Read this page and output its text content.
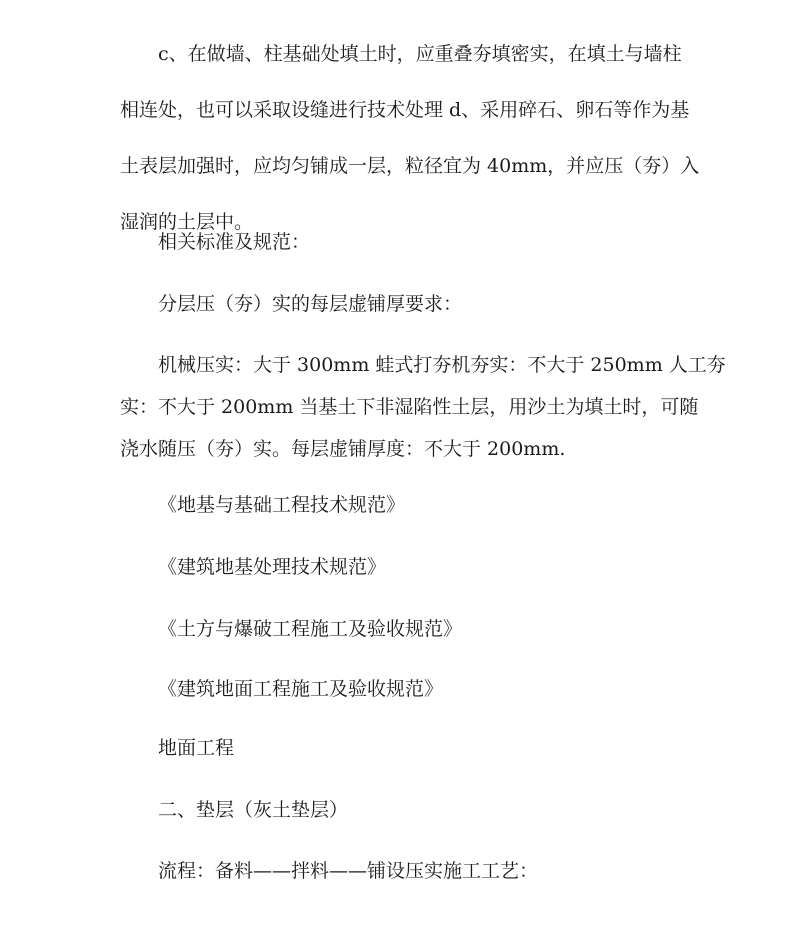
c、在做墙、柱基础处填土时，应重叠夯填密实，在填土与墙柱
相连处，也可以采取设缝进行技术处理 d、采用碎石、卵石等作为基
土表层加强时，应均匀铺成一层，粒径宜为 40mm，并应压（夯）入
湿润的土层中。

相关标准及规范：

分层压（夯）实的每层虚铺厚要求：

机械压实：大于 300mm 蛙式打夯机夯实：不大于 250mm 人工夯
实：不大于 200mm 当基土下非湿陷性土层，用沙土为填土时，可随
浇水随压（夯）实。每层虚铺厚度：不大于 200mm.

《地基与基础工程技术规范》

《建筑地基处理技术规范》

《土方与爆破工程施工及验收规范》

《建筑地面工程施工及验收规范》

地面工程

二、垫层（灰土垫层）

流程：备料——拌料——铺设压实施工工艺：
